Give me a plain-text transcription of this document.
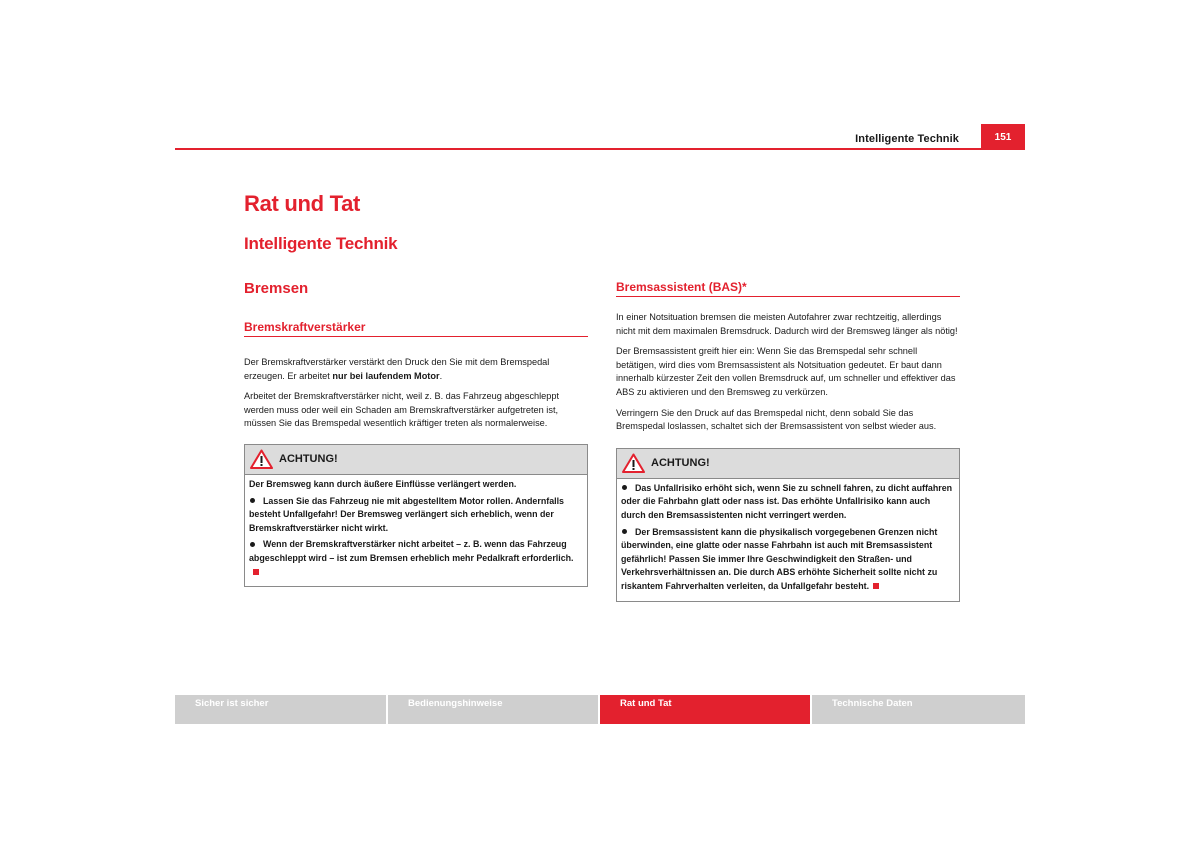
Intelligente Technik	151
Rat und Tat
Intelligente Technik
Bremsen
Bremskraftverstärker

Der Bremskraftverstärker verstärkt den Druck den Sie mit dem Bremspedal erzeugen. Er arbeitet nur bei laufendem Motor.

Arbeitet der Bremskraftverstärker nicht, weil z. B. das Fahrzeug abgeschleppt werden muss oder weil ein Schaden am Bremskraftverstärker aufgetreten ist, müssen Sie das Bremspedal wesentlich kräftiger treten als normalerweise.

ACHTUNG!

Der Bremsweg kann durch äußere Einflüsse verlängert werden.

Lassen Sie das Fahrzeug nie mit abgestelltem Motor rollen. Andernfalls besteht Unfallgefahr! Der Bremsweg verlängert sich erheblich, wenn der Bremskraftverstärker nicht wirkt.

Wenn der Bremskraftverstärker nicht arbeitet – z. B. wenn das Fahrzeug abgeschleppt wird – ist zum Bremsen erheblich mehr Pedalkraft erforderlich.

Bremsassistent (BAS)*

In einer Notsituation bremsen die meisten Autofahrer zwar rechtzeitig, allerdings nicht mit dem maximalen Bremsdruck. Dadurch wird der Bremsweg länger als nötig!

Der Bremsassistent greift hier ein: Wenn Sie das Bremspedal sehr schnell betätigen, wird dies vom Bremsassistent als Notsituation gedeutet. Er baut dann innerhalb kürzester Zeit den vollen Bremsdruck auf, um schneller und effektiver das ABS zu aktivieren und den Bremsweg zu verkürzen.

Verringern Sie den Druck auf das Bremspedal nicht, denn sobald Sie das Bremspedal loslassen, schaltet sich der Bremsassistent von selbst wieder aus.

ACHTUNG!

Das Unfallrisiko erhöht sich, wenn Sie zu schnell fahren, zu dicht auffahren oder die Fahrbahn glatt oder nass ist. Das erhöhte Unfallrisiko kann auch durch den Bremsassistenten nicht verringert werden.

Der Bremsassistent kann die physikalisch vorgegebenen Grenzen nicht überwinden, eine glatte oder nasse Fahrbahn ist auch mit Bremsassistent gefährlich! Passen Sie immer Ihre Geschwindigkeit den Straßen- und Verkehrsverhältnissen an. Die durch ABS erhöhte Sicherheit sollte nicht zu riskantem Fahrverhalten verleiten, da Unfallgefahr besteht.

Sicher ist sicher	Bedienungshinweise	Rat und Tat	Technische Daten
